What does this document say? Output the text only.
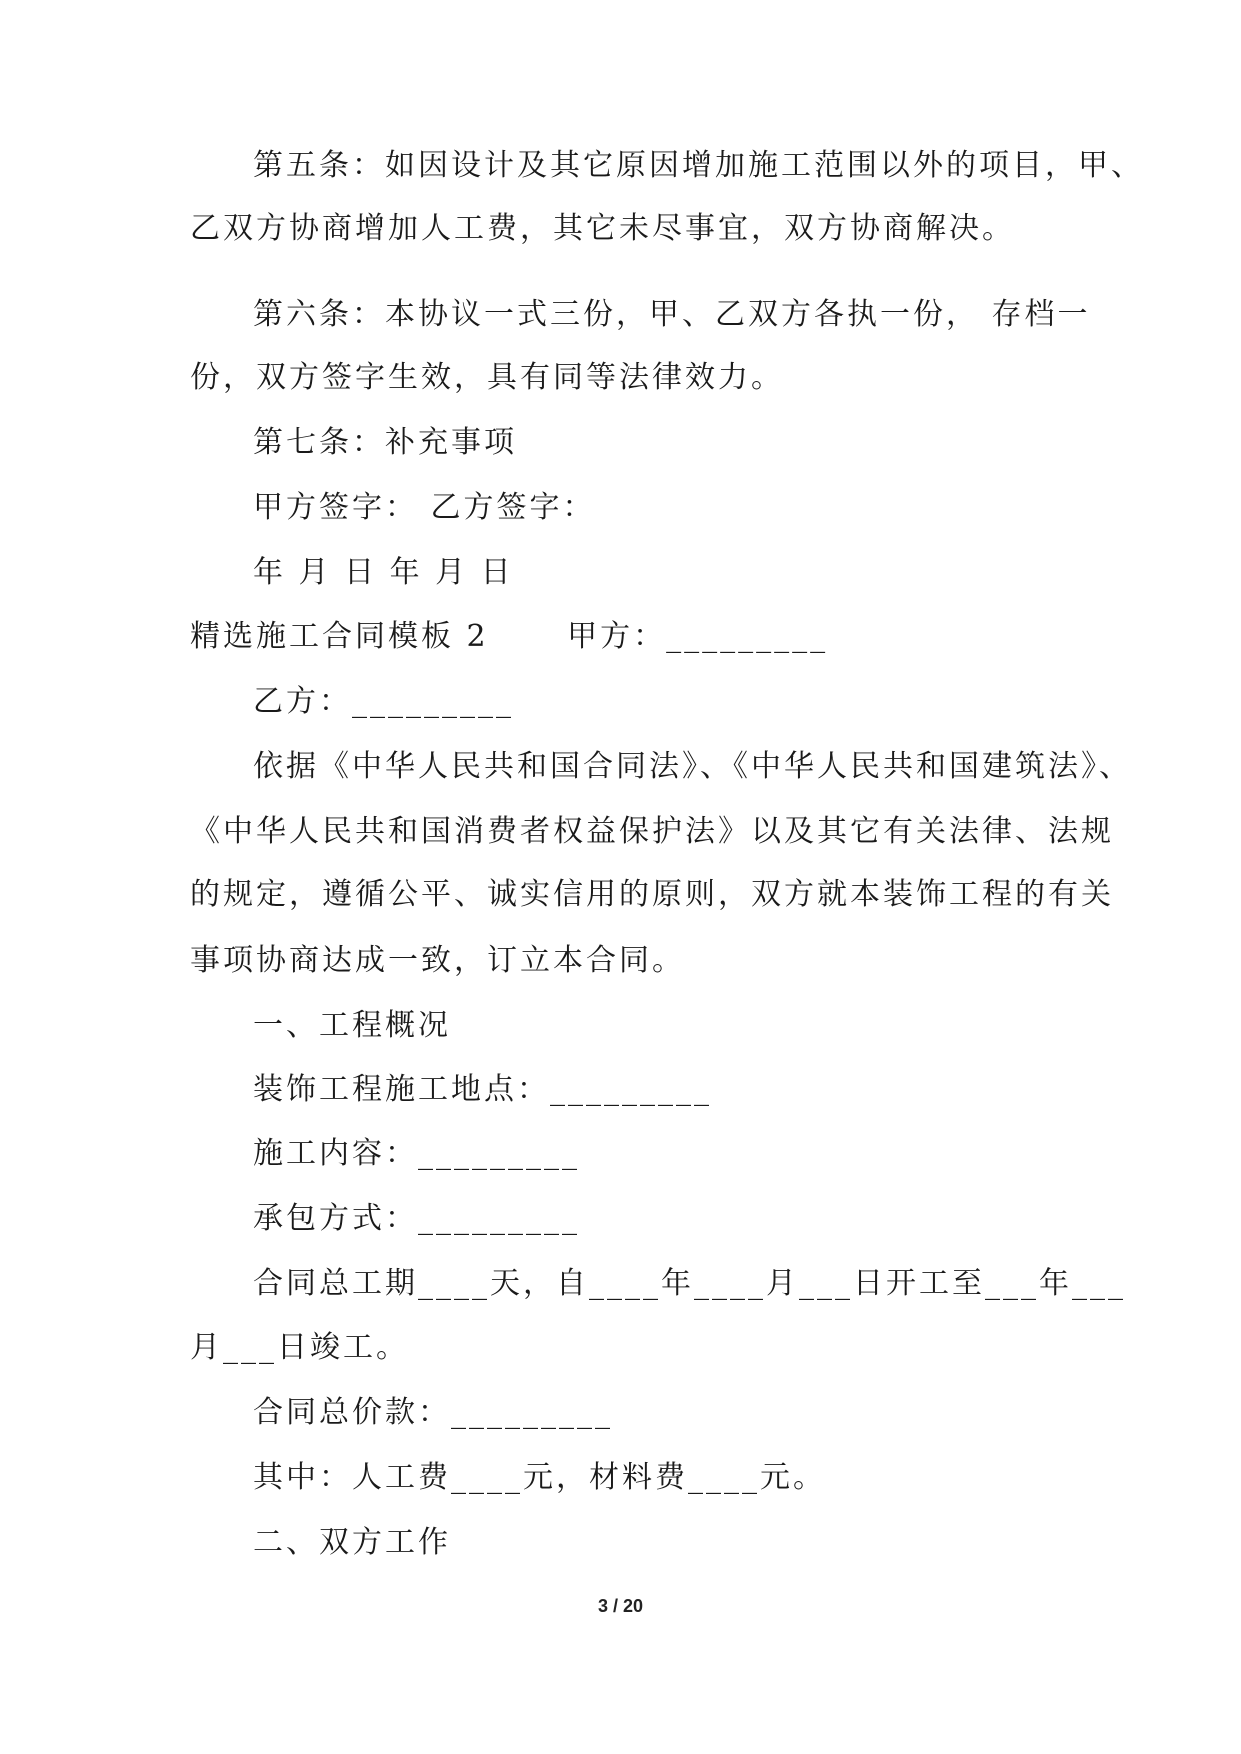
第五条：如因设计及其它原因增加施工范围以外的项目，甲、
乙双方协商增加人工费，其它未尽事宜，双方协商解决。
第六条：本协议一式三份，甲、乙双方各执一份， 存档一
份，双方签字生效，具有同等法律效力。
第七条：补充事项
甲方签字： 乙方签字：
年 月 日 年 月 日
精选施工合同模板 2 　　甲方：_________
乙方：_________
依据《中华人民共和国合同法》、《中华人民共和国建筑法》、
《中华人民共和国消费者权益保护法》以及其它有关法律、法规
的规定，遵循公平、诚实信用的原则，双方就本装饰工程的有关
事项协商达成一致，订立本合同。
一、工程概况
装饰工程施工地点：_________
施工内容：_________
承包方式：_________
合同总工期____天，自____年____月___日开工至___年___
月___日竣工。
合同总价款：_________
其中：人工费____元，材料费____元。
二、双方工作
3 / 20
